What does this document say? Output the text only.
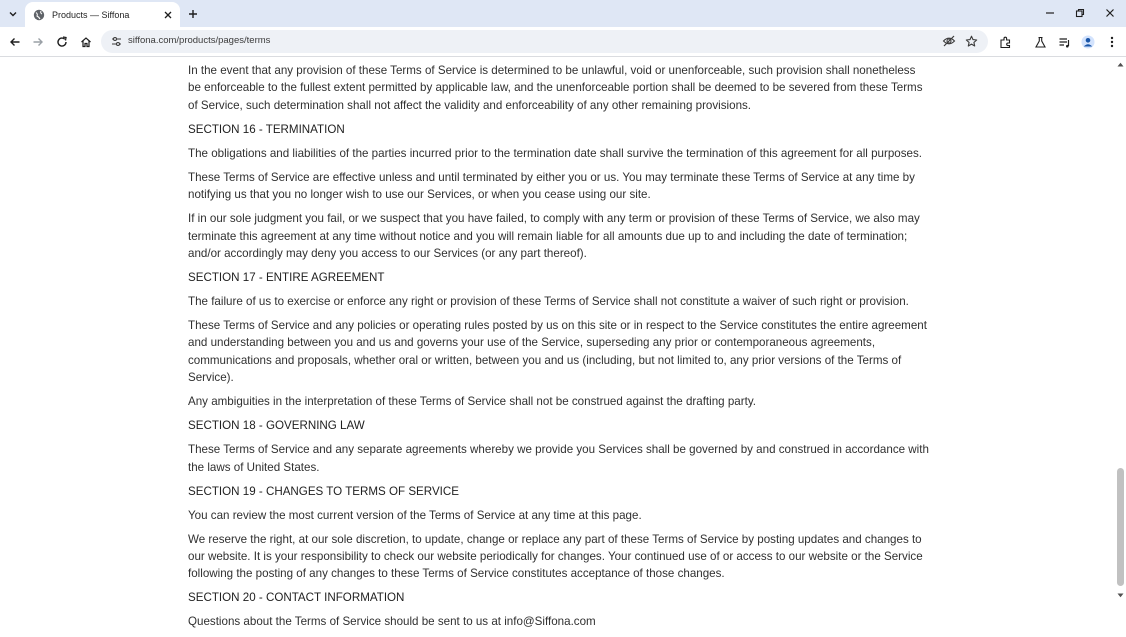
Products — Siffona
siffona.com/products/pages/terms

In the event that any provision of these Terms of Service is determined to be unlawful, void or unenforceable, such provision shall nonetheless be enforceable to the fullest extent permitted by applicable law, and the unenforceable portion shall be deemed to be severed from these Terms of Service, such determination shall not affect the validity and enforceability of any other remaining provisions.

SECTION 16 - TERMINATION

The obligations and liabilities of the parties incurred prior to the termination date shall survive the termination of this agreement for all purposes.

These Terms of Service are effective unless and until terminated by either you or us. You may terminate these Terms of Service at any time by notifying us that you no longer wish to use our Services, or when you cease using our site.

If in our sole judgment you fail, or we suspect that you have failed, to comply with any term or provision of these Terms of Service, we also may terminate this agreement at any time without notice and you will remain liable for all amounts due up to and including the date of termination; and/or accordingly may deny you access to our Services (or any part thereof).

SECTION 17 - ENTIRE AGREEMENT

The failure of us to exercise or enforce any right or provision of these Terms of Service shall not constitute a waiver of such right or provision.

These Terms of Service and any policies or operating rules posted by us on this site or in respect to the Service constitutes the entire agreement and understanding between you and us and governs your use of the Service, superseding any prior or contemporaneous agreements, communications and proposals, whether oral or written, between you and us (including, but not limited to, any prior versions of the Terms of Service).

Any ambiguities in the interpretation of these Terms of Service shall not be construed against the drafting party.

SECTION 18 - GOVERNING LAW

These Terms of Service and any separate agreements whereby we provide you Services shall be governed by and construed in accordance with the laws of United States.

SECTION 19 - CHANGES TO TERMS OF SERVICE

You can review the most current version of the Terms of Service at any time at this page.

We reserve the right, at our sole discretion, to update, change or replace any part of these Terms of Service by posting updates and changes to our website. It is your responsibility to check our website periodically for changes. Your continued use of or access to our website or the Service following the posting of any changes to these Terms of Service constitutes acceptance of those changes.

SECTION 20 - CONTACT INFORMATION

Questions about the Terms of Service should be sent to us at info@Siffona.com
